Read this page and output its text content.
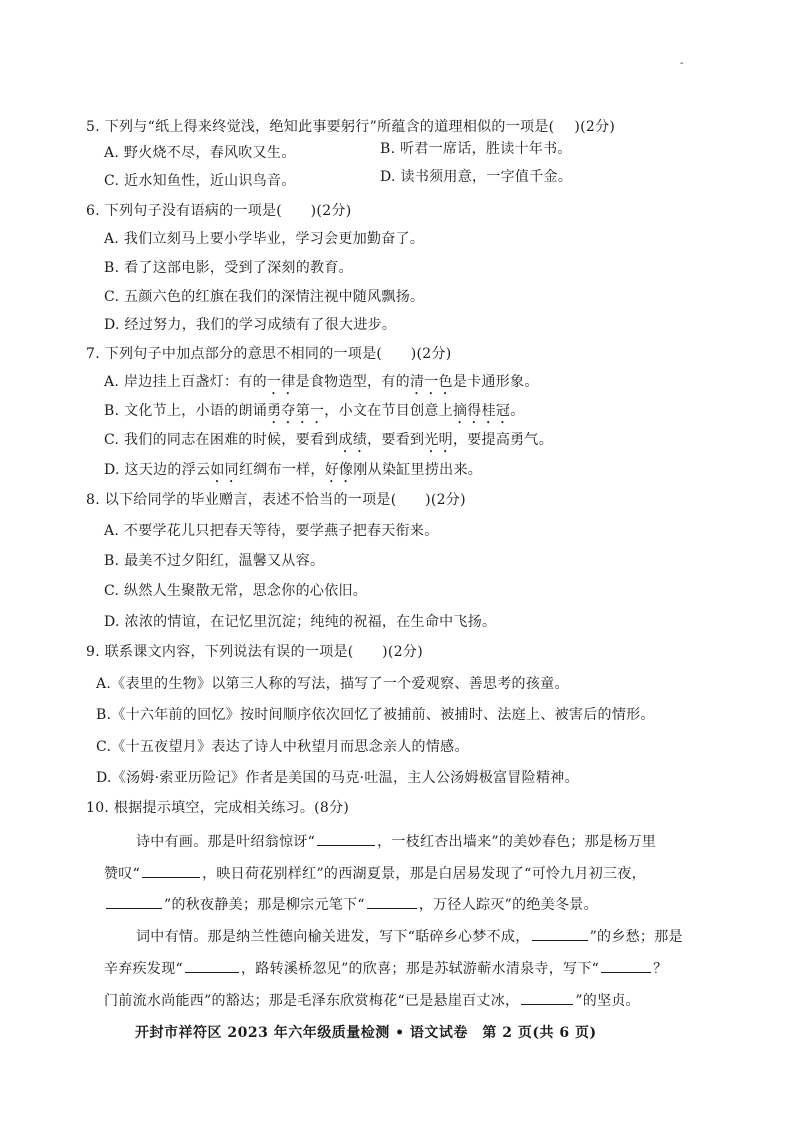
-
5. 下列与“纸上得来终觉浅，绝知此事要躬行”所蕴含的道理相似的一项是( )(2分)
A. 野火烧不尽，春风吹又生。	B. 听君一席话，胜读十年书。
C. 近水知鱼性，近山识鸟音。	D. 读书须用意，一字值千金。
6. 下列句子没有语病的一项是(　　)(2分)
A. 我们立刻马上要小学毕业，学习会更加勤奋了。
B. 看了这部电影，受到了深刻的教育。
C. 五颜六色的红旗在我们的深情注视中随风飘扬。
D. 经过努力，我们的学习成绩有了很大进步。
7. 下列句子中加点部分的意思不相同的一项是(　　)(2分)
A. 岸边挂上百盏灯：有的一律是食物造型，有的清一色是卡通形象。
B. 文化节上，小语的朗诵勇夺第一，小文在节目创意上摘得桂冠。
C. 我们的同志在困难的时候，要看到成绩，要看到光明，要提高勇气。
D. 这天边的浮云如同红绸布一样，好像刚从染缸里捞出来。
8. 以下给同学的毕业赠言，表述不恰当的一项是(　　)(2分)
A. 不要学花儿只把春天等待，要学燕子把春天衔来。
B. 最美不过夕阳红，温馨又从容。
C. 纵然人生聚散无常，思念你的心依旧。
D. 浓浓的情谊，在记忆里沉淀；纯纯的祝福，在生命中飞扬。
9. 联系课文内容，下列说法有误的一项是(　　)(2分)
A.《表里的生物》以第三人称的写法，描写了一个爱观察、善思考的孩童。
B.《十六年前的回忆》按时间顺序依次回忆了被捕前、被捕时、法庭上、被害后的情形。
C.《十五夜望月》表达了诗人中秋望月而思念亲人的情感。
D.《汤姆·索亚历险记》作者是美国的马克·吐温，主人公汤姆极富冒险精神。
10. 根据提示填空，完成相关练习。(8分)
诗中有画。那是叶绍翁惊讶“	，一枝红杏出墙来”的美妙春色；那是杨万里
赞叹“	，映日荷花别样红”的西湖夏景，那是白居易发现了“可怜九月初三夜，
”的秋夜静美；那是柳宗元笔下“	，万径人踪灭”的绝美冬景。
词中有情。那是纳兰性德向榆关进发，写下“聒碎乡心梦不成，	”的乡愁；那是
辛弃疾发现“	，路转溪桥忽见”的欣喜；那是苏轼游蕲水清泉寺，写下“	？
门前流水尚能西”的豁达；那是毛泽东欣赏梅花“已是悬崖百丈冰，	”的坚贞。
开封市祥符区 2023 年六年级质量检测 • 语文试卷　第 2 页(共 6 页)
